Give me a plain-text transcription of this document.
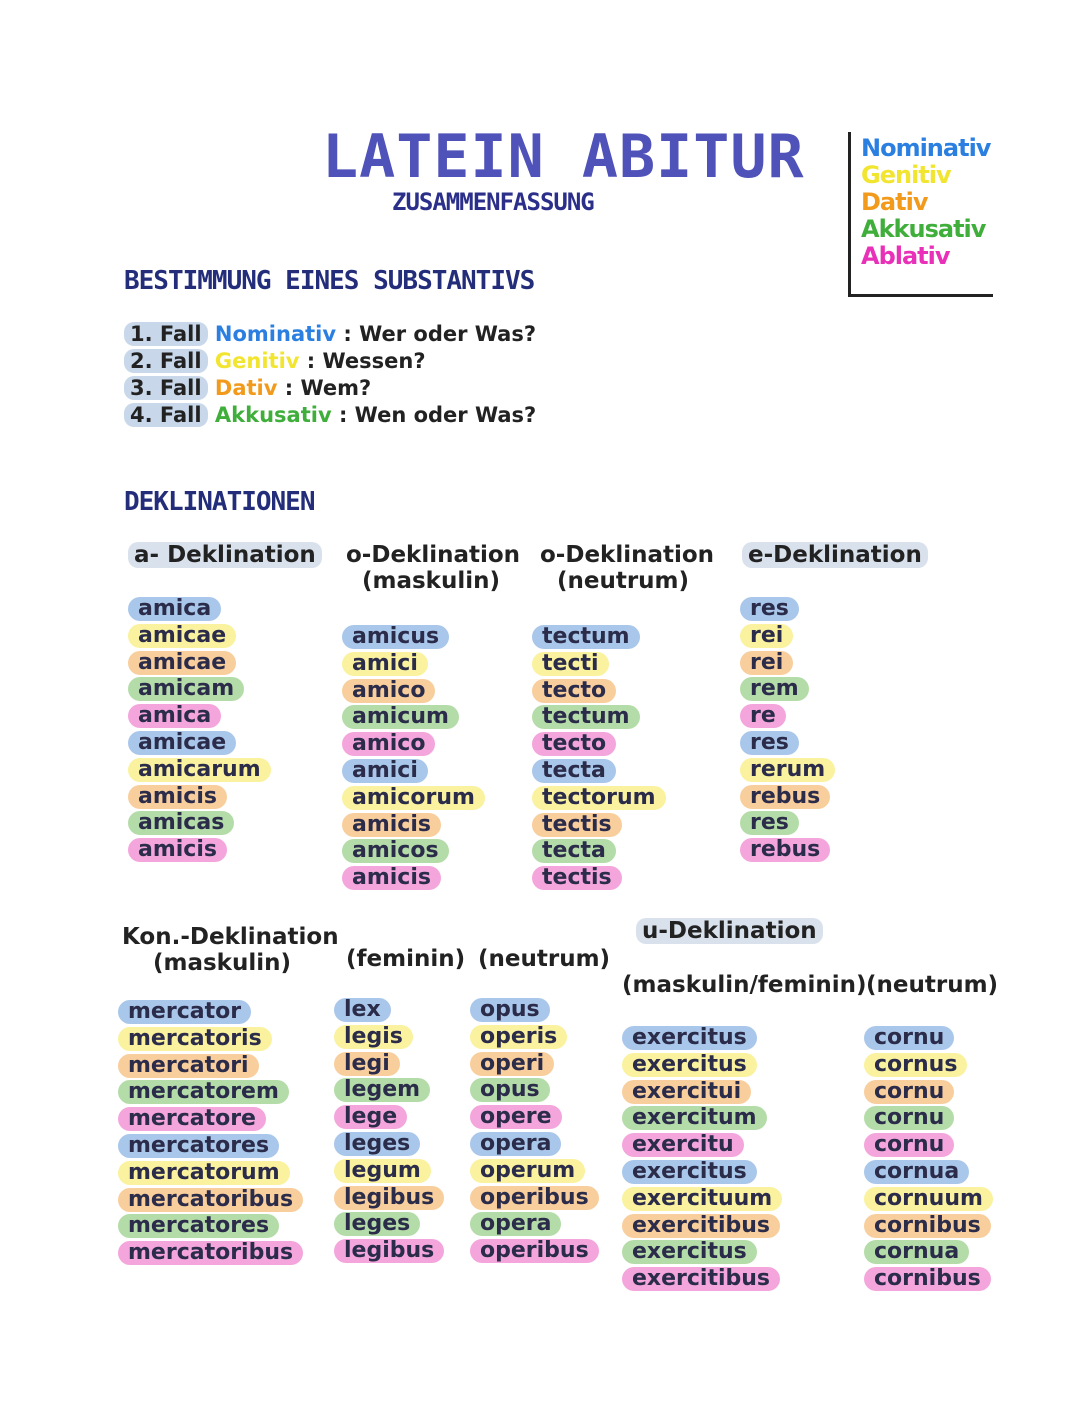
LATEIN ABITUR
ZUSAMMENFASSUNG
Nominativ
Genitiv
Dativ
Akkusativ
Ablativ
BESTIMMUNG EINES SUBSTANTIVS
1. Fall Nominativ : Wer oder Was?
2. Fall Genitiv : Wessen?
3. Fall Dativ : Wem?
4. Fall Akkusativ : Wen oder Was?
DEKLINATIONEN
a- Deklination o-Deklination
(maskulin)
o-Deklination
(neutrum)
e-Deklination
amica
amicae
amicae
amicam
amica
amicae
amicarum
amicis
amicas
amicis
amicus
amici
amico
amicum
amico
amici
amicorum
amicis
amicos
amicis
tectum
tecti
tecto
tectum
tecto
tecta
tectorum
tectis
tecta
tectis
res
rei
rei
rem
re
res
rerum
rebus
res
rebus
Kon.-Deklination
(maskulin)	(feminin) (neutrum)
u-Deklination
(maskulin/feminin) (neutrum)
mercator
mercatoris
mercatori
mercatorem
mercatore
mercatores
mercatorum
mercatoribus
mercatores
mercatoribus
lex
legis
legi
legem
lege
leges
legum
legibus
leges
legibus
opus
operis
operi
opus
opere
opera
operum
operibus
opera
operibus
exercitus
exercitus
exercitui
exercitum
exercitu
exercitus
exercituum
exercitibus
exercitus
exercitibus
cornu
cornus
cornu
cornu
cornu
cornua
cornuum
cornibus
cornua
cornibus
